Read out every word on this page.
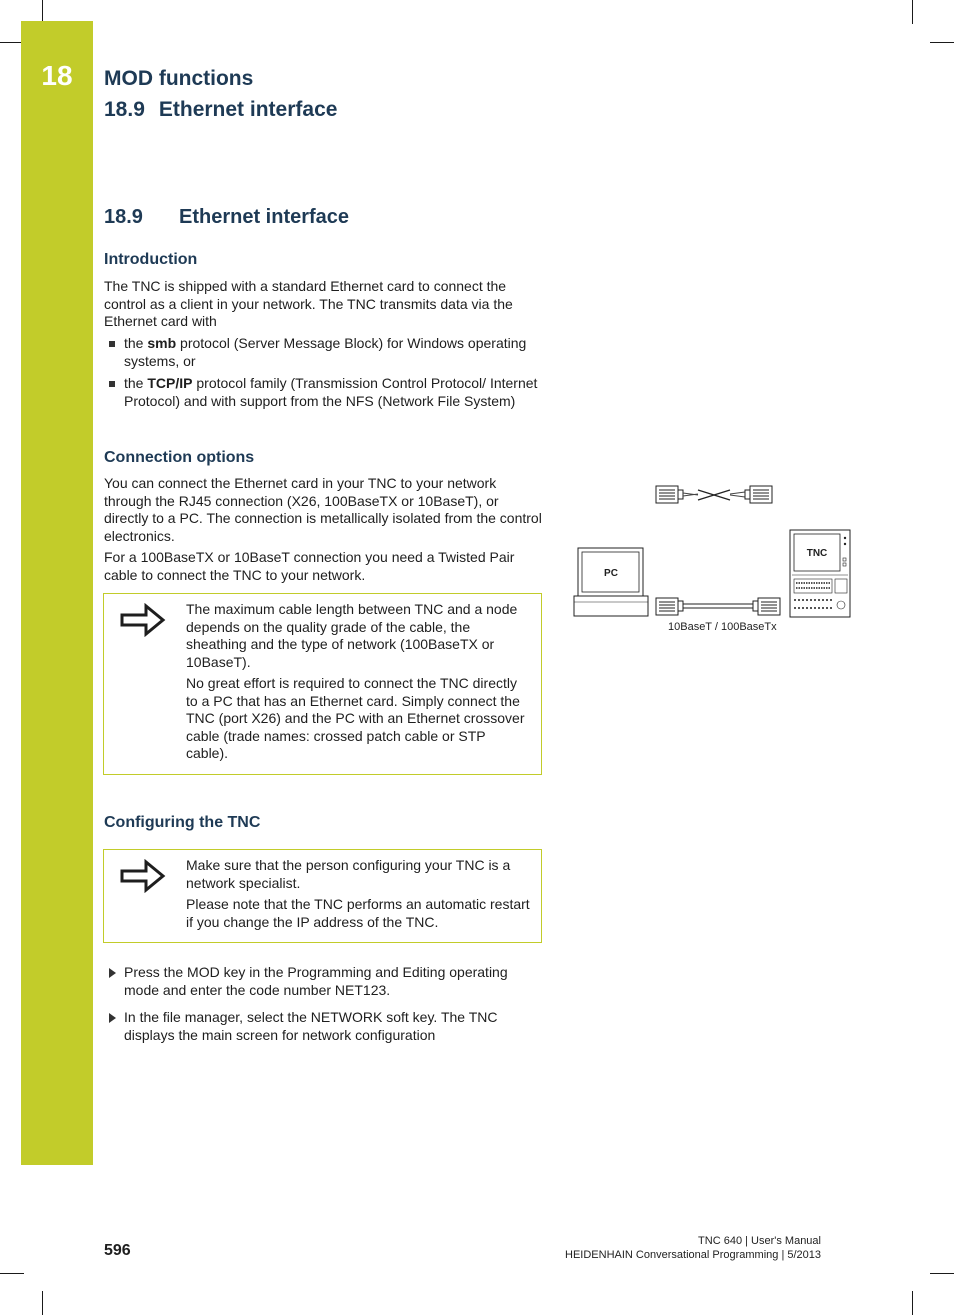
18	MOD functions
18.9 Ethernet interface
18.9 Ethernet interface
Introduction

The TNC is shipped with a standard Ethernet card to connect the control as a client in your network. The TNC transmits data via the Ethernet card with

the smb protocol (Server Message Block) for Windows operating systems, or
the TCP/IP protocol family (Transmission Control Protocol/ Internet Protocol) and with support from the NFS (Network File System)
Connection options

You can connect the Ethernet card in your TNC to your network through the RJ45 connection (X26, 100BaseTX or 10BaseT), or directly to a PC. The connection is metallically isolated from the control electronics.

For a 100BaseTX or 10BaseT connection you need a Twisted Pair cable to connect the TNC to your network.

The maximum cable length between TNC and a node depends on the quality grade of the cable, the sheathing and the type of network (100BaseTX or 10BaseT).

No great effort is required to connect the TNC directly to a PC that has an Ethernet card. Simply connect the TNC (port X26) and the PC with an Ethernet crossover cable (trade names: crossed patch cable or STP cable).

PC
TNC
10BaseT / 100BaseTx
Configuring the TNC

Make sure that the person configuring your TNC is a network specialist.

Please note that the TNC performs an automatic restart if you change the IP address of the TNC.

Press the MOD key in the Programming and Editing operating mode and enter the code number NET123.
In the file manager, select the NETWORK soft key. The TNC displays the main screen for network configuration
596
TNC 640 | User's Manual
HEIDENHAIN Conversational Programming | 5/2013
